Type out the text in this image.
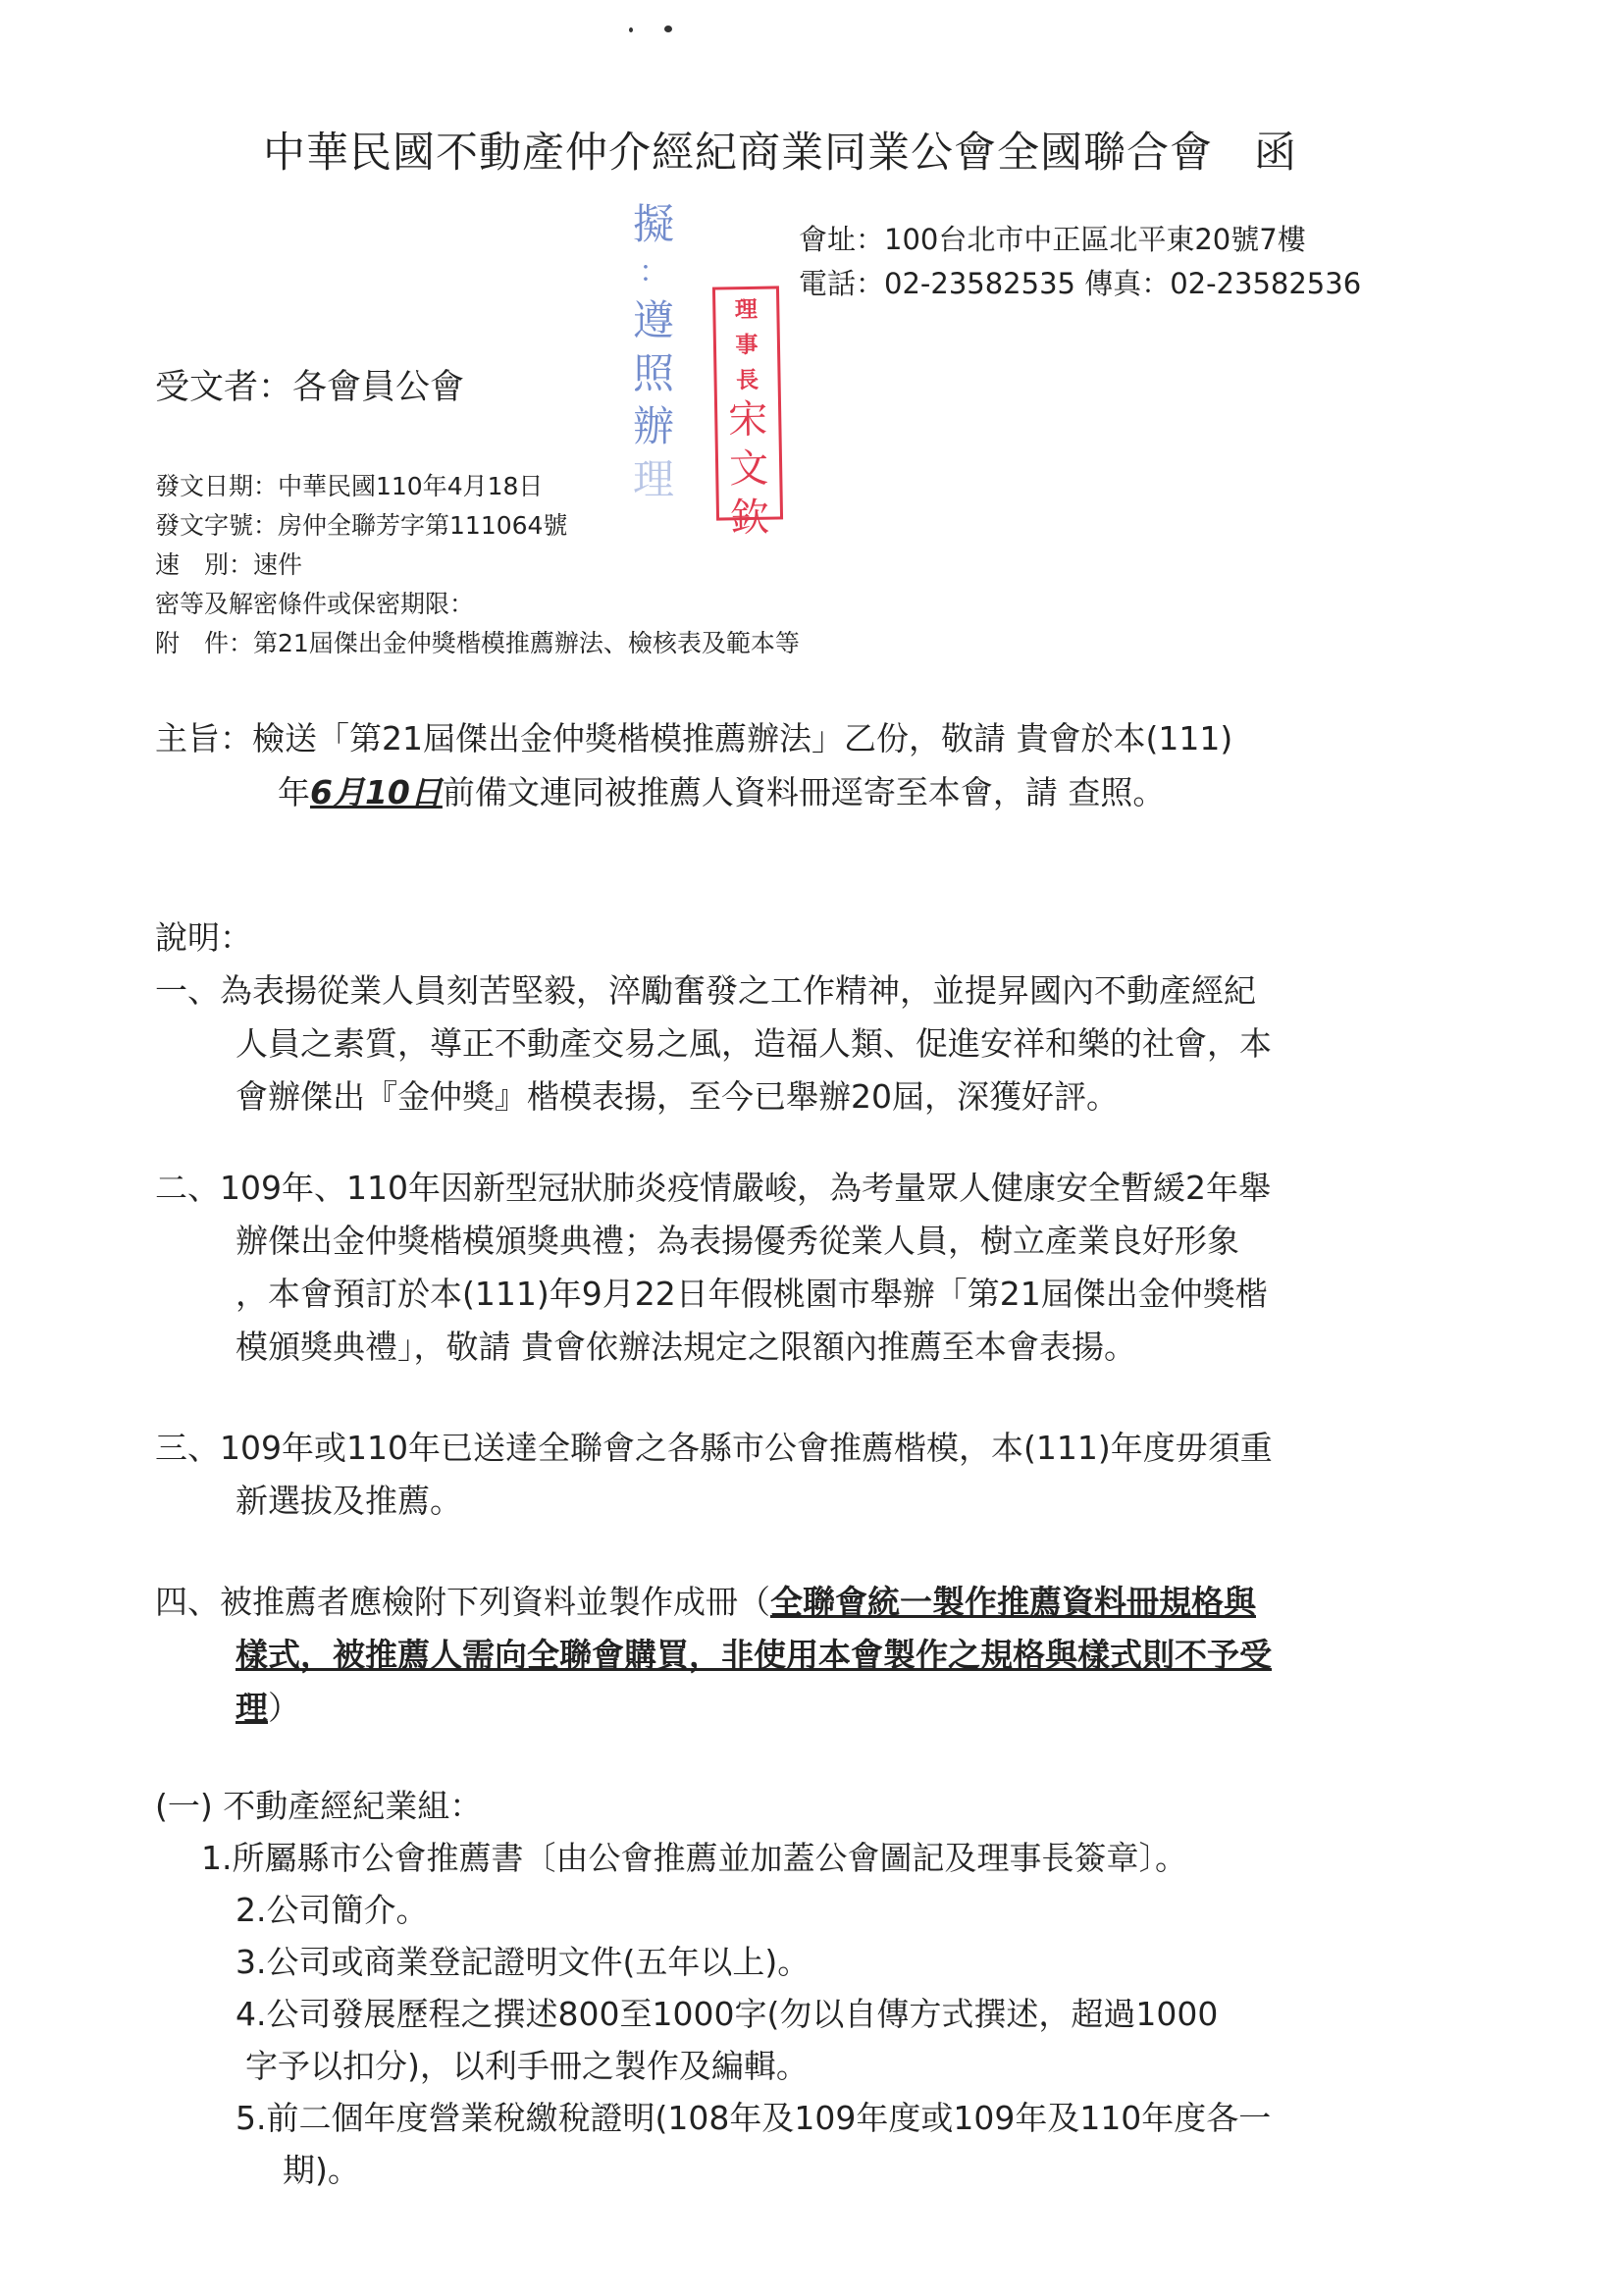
中華民國不動產仲介經紀商業同業公會全國聯合會 函
會址：100台北市中正區北平東20號7樓
電話：02-23582535 傳真：02-23582536
擬
：
遵
照
辦
理
理
事
長
宋
文
欽
受文者：各會員公會
發文日期：中華民國110年4月18日
發文字號：房仲全聯芳字第111064號
速　別：速件
密等及解密條件或保密期限：
附　件：第21屆傑出金仲獎楷模推薦辦法、檢核表及範本等
主旨：檢送「第21屆傑出金仲獎楷模推薦辦法」乙份，敬請 貴會於本(111)
年6月10日前備文連同被推薦人資料冊逕寄至本會，請 查照。
說明：
一、為表揚從業人員刻苦堅毅，淬勵奮發之工作精神，並提昇國內不動產經紀
人員之素質，導正不動產交易之風，造福人類、促進安祥和樂的社會，本
會辦傑出『金仲獎』楷模表揚，至今已舉辦20屆，深獲好評。
二、109年、110年因新型冠狀肺炎疫情嚴峻，為考量眾人健康安全暫緩2年舉
辦傑出金仲獎楷模頒獎典禮；為表揚優秀從業人員，樹立產業良好形象
，本會預訂於本(111)年9月22日年假桃園市舉辦「第21屆傑出金仲獎楷
模頒獎典禮」，敬請 貴會依辦法規定之限額內推薦至本會表揚。
三、109年或110年已送達全聯會之各縣市公會推薦楷模，本(111)年度毋須重
新選拔及推薦。
四、被推薦者應檢附下列資料並製作成冊（全聯會統一製作推薦資料冊規格與
樣式，被推薦人需向全聯會購買，非使用本會製作之規格與樣式則不予受
理）
(一) 不動產經紀業組：
1.所屬縣市公會推薦書〔由公會推薦並加蓋公會圖記及理事長簽章〕。
2.公司簡介。
3.公司或商業登記證明文件(五年以上)。
4.公司發展歷程之撰述800至1000字(勿以自傳方式撰述，超過1000
字予以扣分)，以利手冊之製作及編輯。
5.前二個年度營業稅繳稅證明(108年及109年度或109年及110年度各一
期)。
